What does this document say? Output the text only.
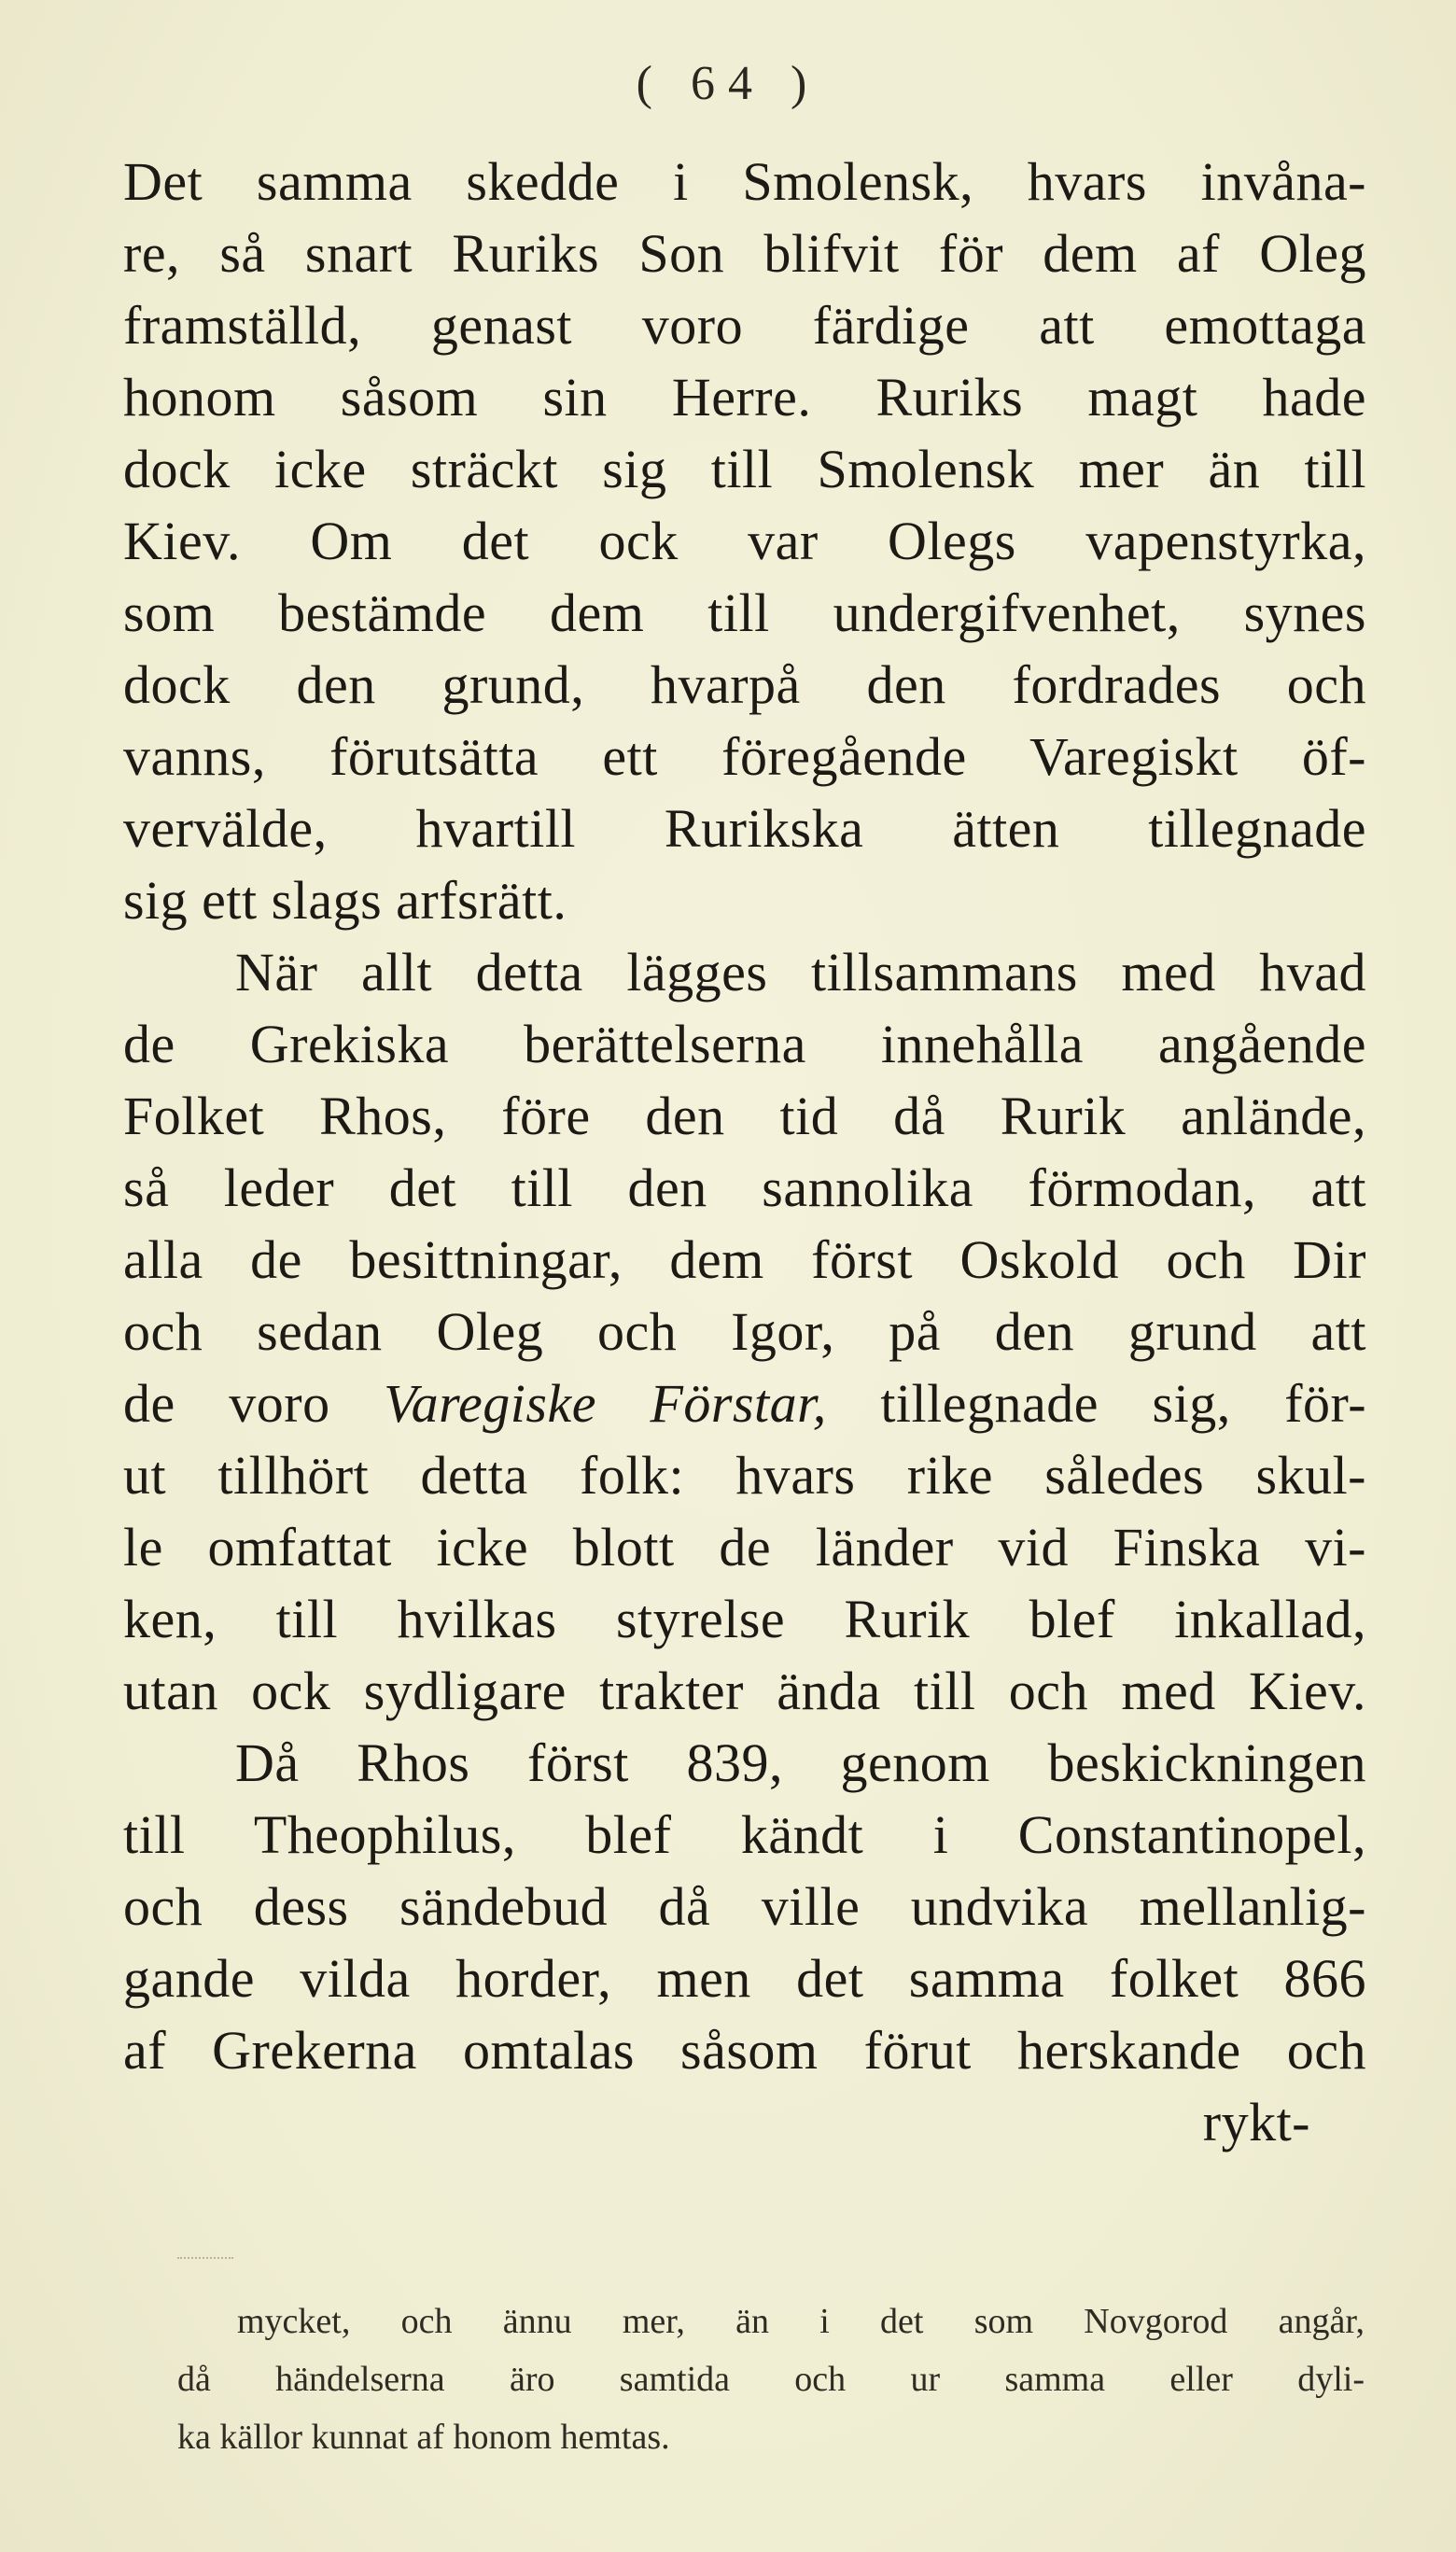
( 64 )
Det samma skedde i Smolensk, hvars invåna-
re, så snart Ruriks Son blifvit för dem af Oleg
framställd, genast voro färdige att emottaga
honom såsom sin Herre. Ruriks magt hade
dock icke sträckt sig till Smolensk mer än till
Kiev. Om det ock var Olegs vapenstyrka,
som bestämde dem till undergifvenhet, synes
dock den grund, hvarpå den fordrades och
vanns, förutsätta ett föregående Varegiskt öf-
vervälde, hvartill Rurikska ätten tillegnade
sig ett slags arfsrätt.
När allt detta lägges tillsammans med hvad
de Grekiska berättelserna innehålla angående
Folket Rhos, före den tid då Rurik anlände,
så leder det till den sannolika förmodan, att
alla de besittningar, dem först Oskold och Dir
och sedan Oleg och Igor, på den grund att
de voro Varegiske Förstar, tillegnade sig, för-
ut tillhört detta folk: hvars rike således skul-
le omfattat icke blott de länder vid Finska vi-
ken, till hvilkas styrelse Rurik blef inkallad,
utan ock sydligare trakter ända till och med Kiev.
Då Rhos först 839, genom beskickningen
till Theophilus, blef kändt i Constantinopel,
och dess sändebud då ville undvika mellanlig-
gande vilda horder, men det samma folket 866
af Grekerna omtalas såsom förut herskande och
rykt-
mycket, och ännu mer, än i det som Novgorod angår,
då händelserna äro samtida och ur samma eller dyli-
ka källor kunnat af honom hemtas.
